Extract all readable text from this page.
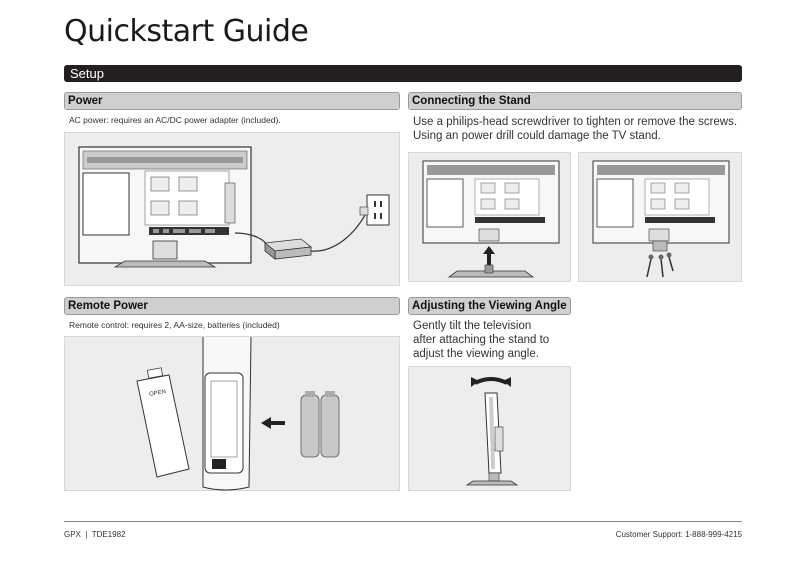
Quickstart Guide
Setup
Power
AC power: requires an AC/DC power adapter (included).
Connecting the Stand
Use a philips-head screwdriver to tighten or remove the screws.
Using an power drill could damage the TV stand.
Remote Power
Remote control: requires 2, AA-size, batteries (included)
OPEN
Adjusting the Viewing Angle
Gently tilt the television
after attaching the stand to
adjust the viewing angle.
GPX  |  TDE1982	Customer Support: 1-888-999-4215
